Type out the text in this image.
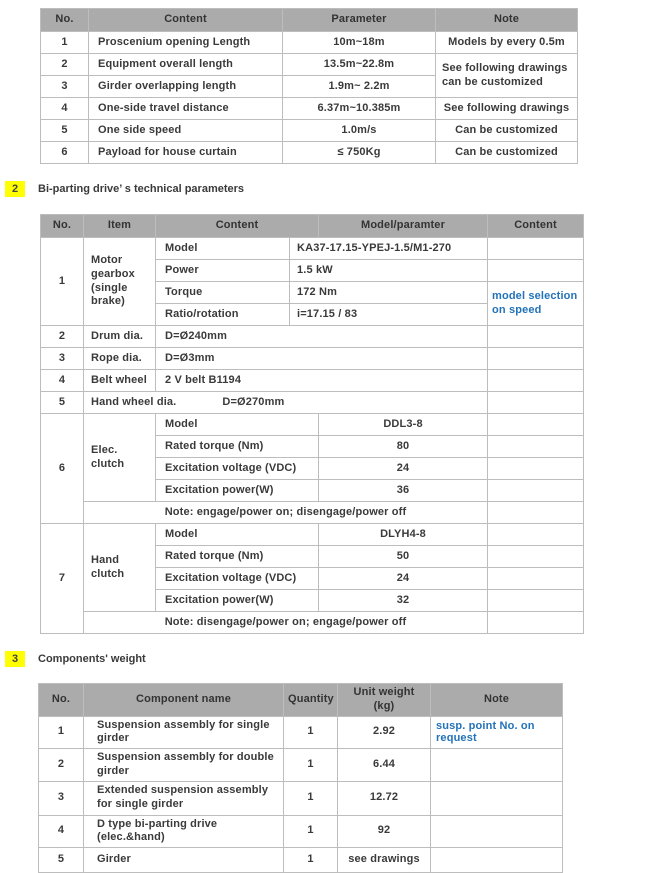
No.	Content	Parameter	Note
1	Proscenium opening Length	10m~18m	Models by every 0.5m
2	Equipment overall length	13.5m~22.8m	See following drawings can be customized
3	Girder overlapping length	1.9m~ 2.2m	
4	One-side travel distance	6.37m~10.385m	See following drawings
5	One side speed	1.0m/s	Can be customized
6	Payload for house curtain	≤ 750Kg	Can be customized
2	Bi-parting drive’ s technical parameters
No.	Item	Content		Model/paramter	Content
1	Motor gearbox (single brake)	Model	KA37-17.15-YPEJ-1.5/M1-270		
		Power	1.5 kW		
		Torque	172 Nm		model selection on speed
		Ratio/rotation	i=17.15 / 83		
2	Drum dia.	D=Ø240mm			
3	Rope dia.	D=Ø3mm			
4	Belt wheel	2 V belt B1194			
5	Hand wheel dia. D=Ø270mm				
6	Elec. clutch	Model		DDL3-8	
		Rated torque (Nm)		80	
		Excitation voltage (VDC)		24	
		Excitation power(W)		36	
	Note: engage/power on; disengage/power off				
7	Hand clutch	Model		DLYH4-8	
		Rated torque (Nm)		50	
		Excitation voltage (VDC)		24	
		Excitation power(W)		32	
	Note: disengage/power on; engage/power off				
3	Components' weight
No.	Component name	Quantity	Unit weight (kg)	Note
1	Suspension assembly for single girder	1	2.92	susp. point No. on request
2	Suspension assembly for double girder	1	6.44	
3	Extended suspension assembly for single girder	1	12.72	
4	D type bi-parting drive (elec.&hand)	1	92	
5	Girder	1	see drawings	
